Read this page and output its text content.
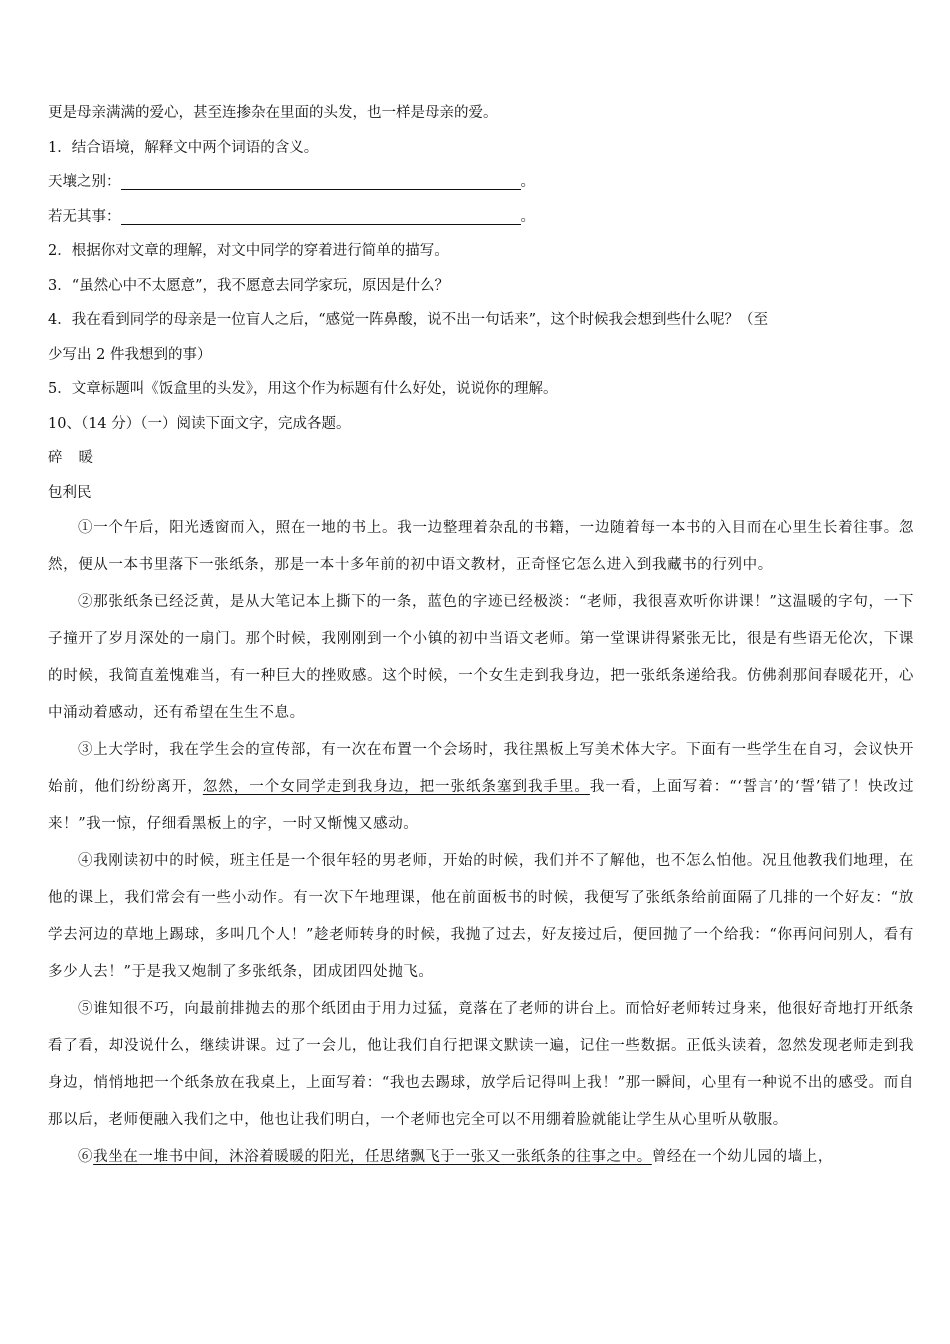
更是母亲满满的爱心，甚至连掺杂在里面的头发，也一样是母亲的爱。
1．结合语境，解释文中两个词语的含义。
天壤之别：	。
若无其事：	。
2．根据你对文章的理解，对文中同学的穿着进行简单的描写。
3．“虽然心中不太愿意”，我不愿意去同学家玩，原因是什么？
4．我在看到同学的母亲是一位盲人之后，“感觉一阵鼻酸，说不出一句话来”，这个时候我会想到些什么呢？（至
少写出 2 件我想到的事）
5．文章标题叫《饭盒里的头发》，用这个作为标题有什么好处，说说你的理解。
10、（14 分）（一）阅读下面文字，完成各题。
碎暖
包利民

①一个午后，阳光透窗而入，照在一地的书上。我一边整理着杂乱的书籍，一边随着每一本书的入目而在心里生长着往事。忽然，便从一本书里落下一张纸条，那是一本十多年前的初中语文教材，正奇怪它怎么进入到我藏书的行列中。

②那张纸条已经泛黄，是从大笔记本上撕下的一条，蓝色的字迹已经极淡：“老师，我很喜欢听你讲课！”这温暖的字句，一下子撞开了岁月深处的一扇门。那个时候，我刚刚到一个小镇的初中当语文老师。第一堂课讲得紧张无比，很是有些语无伦次，下课的时候，我简直羞愧难当，有一种巨大的挫败感。这个时候，一个女生走到我身边，把一张纸条递给我。仿佛刹那间春暖花开，心中涌动着感动，还有希望在生生不息。

③上大学时，我在学生会的宣传部，有一次在布置一个会场时，我往黑板上写美术体大字。下面有一些学生在自习，会议快开始前，他们纷纷离开，忽然，一个女同学走到我身边，把一张纸条塞到我手里。我一看，上面写着：“‘誓言’的‘誓’错了！快改过来！”我一惊，仔细看黑板上的字，一时又惭愧又感动。

④我刚读初中的时候，班主任是一个很年轻的男老师，开始的时候，我们并不了解他，也不怎么怕他。况且他教我们地理，在他的课上，我们常会有一些小动作。有一次下午地理课，他在前面板书的时候，我便写了张纸条给前面隔了几排的一个好友：“放学去河边的草地上踢球，多叫几个人！”趁老师转身的时候，我抛了过去，好友接过后，便回抛了一个给我：“你再问问别人，看有多少人去！”于是我又炮制了多张纸条，团成团四处抛飞。

⑤谁知很不巧，向最前排抛去的那个纸团由于用力过猛，竟落在了老师的讲台上。而恰好老师转过身来，他很好奇地打开纸条看了看，却没说什么，继续讲课。过了一会儿，他让我们自行把课文默读一遍，记住一些数据。正低头读着，忽然发现老师走到我身边，悄悄地把一个纸条放在我桌上，上面写着：“我也去踢球，放学后记得叫上我！”那一瞬间，心里有一种说不出的感受。而自那以后，老师便融入我们之中，他也让我们明白，一个老师也完全可以不用绷着脸就能让学生从心里听从敬服。

⑥我坐在一堆书中间，沐浴着暖暖的阳光，任思绪飘飞于一张又一张纸条的往事之中。曾经在一个幼儿园的墙上，
